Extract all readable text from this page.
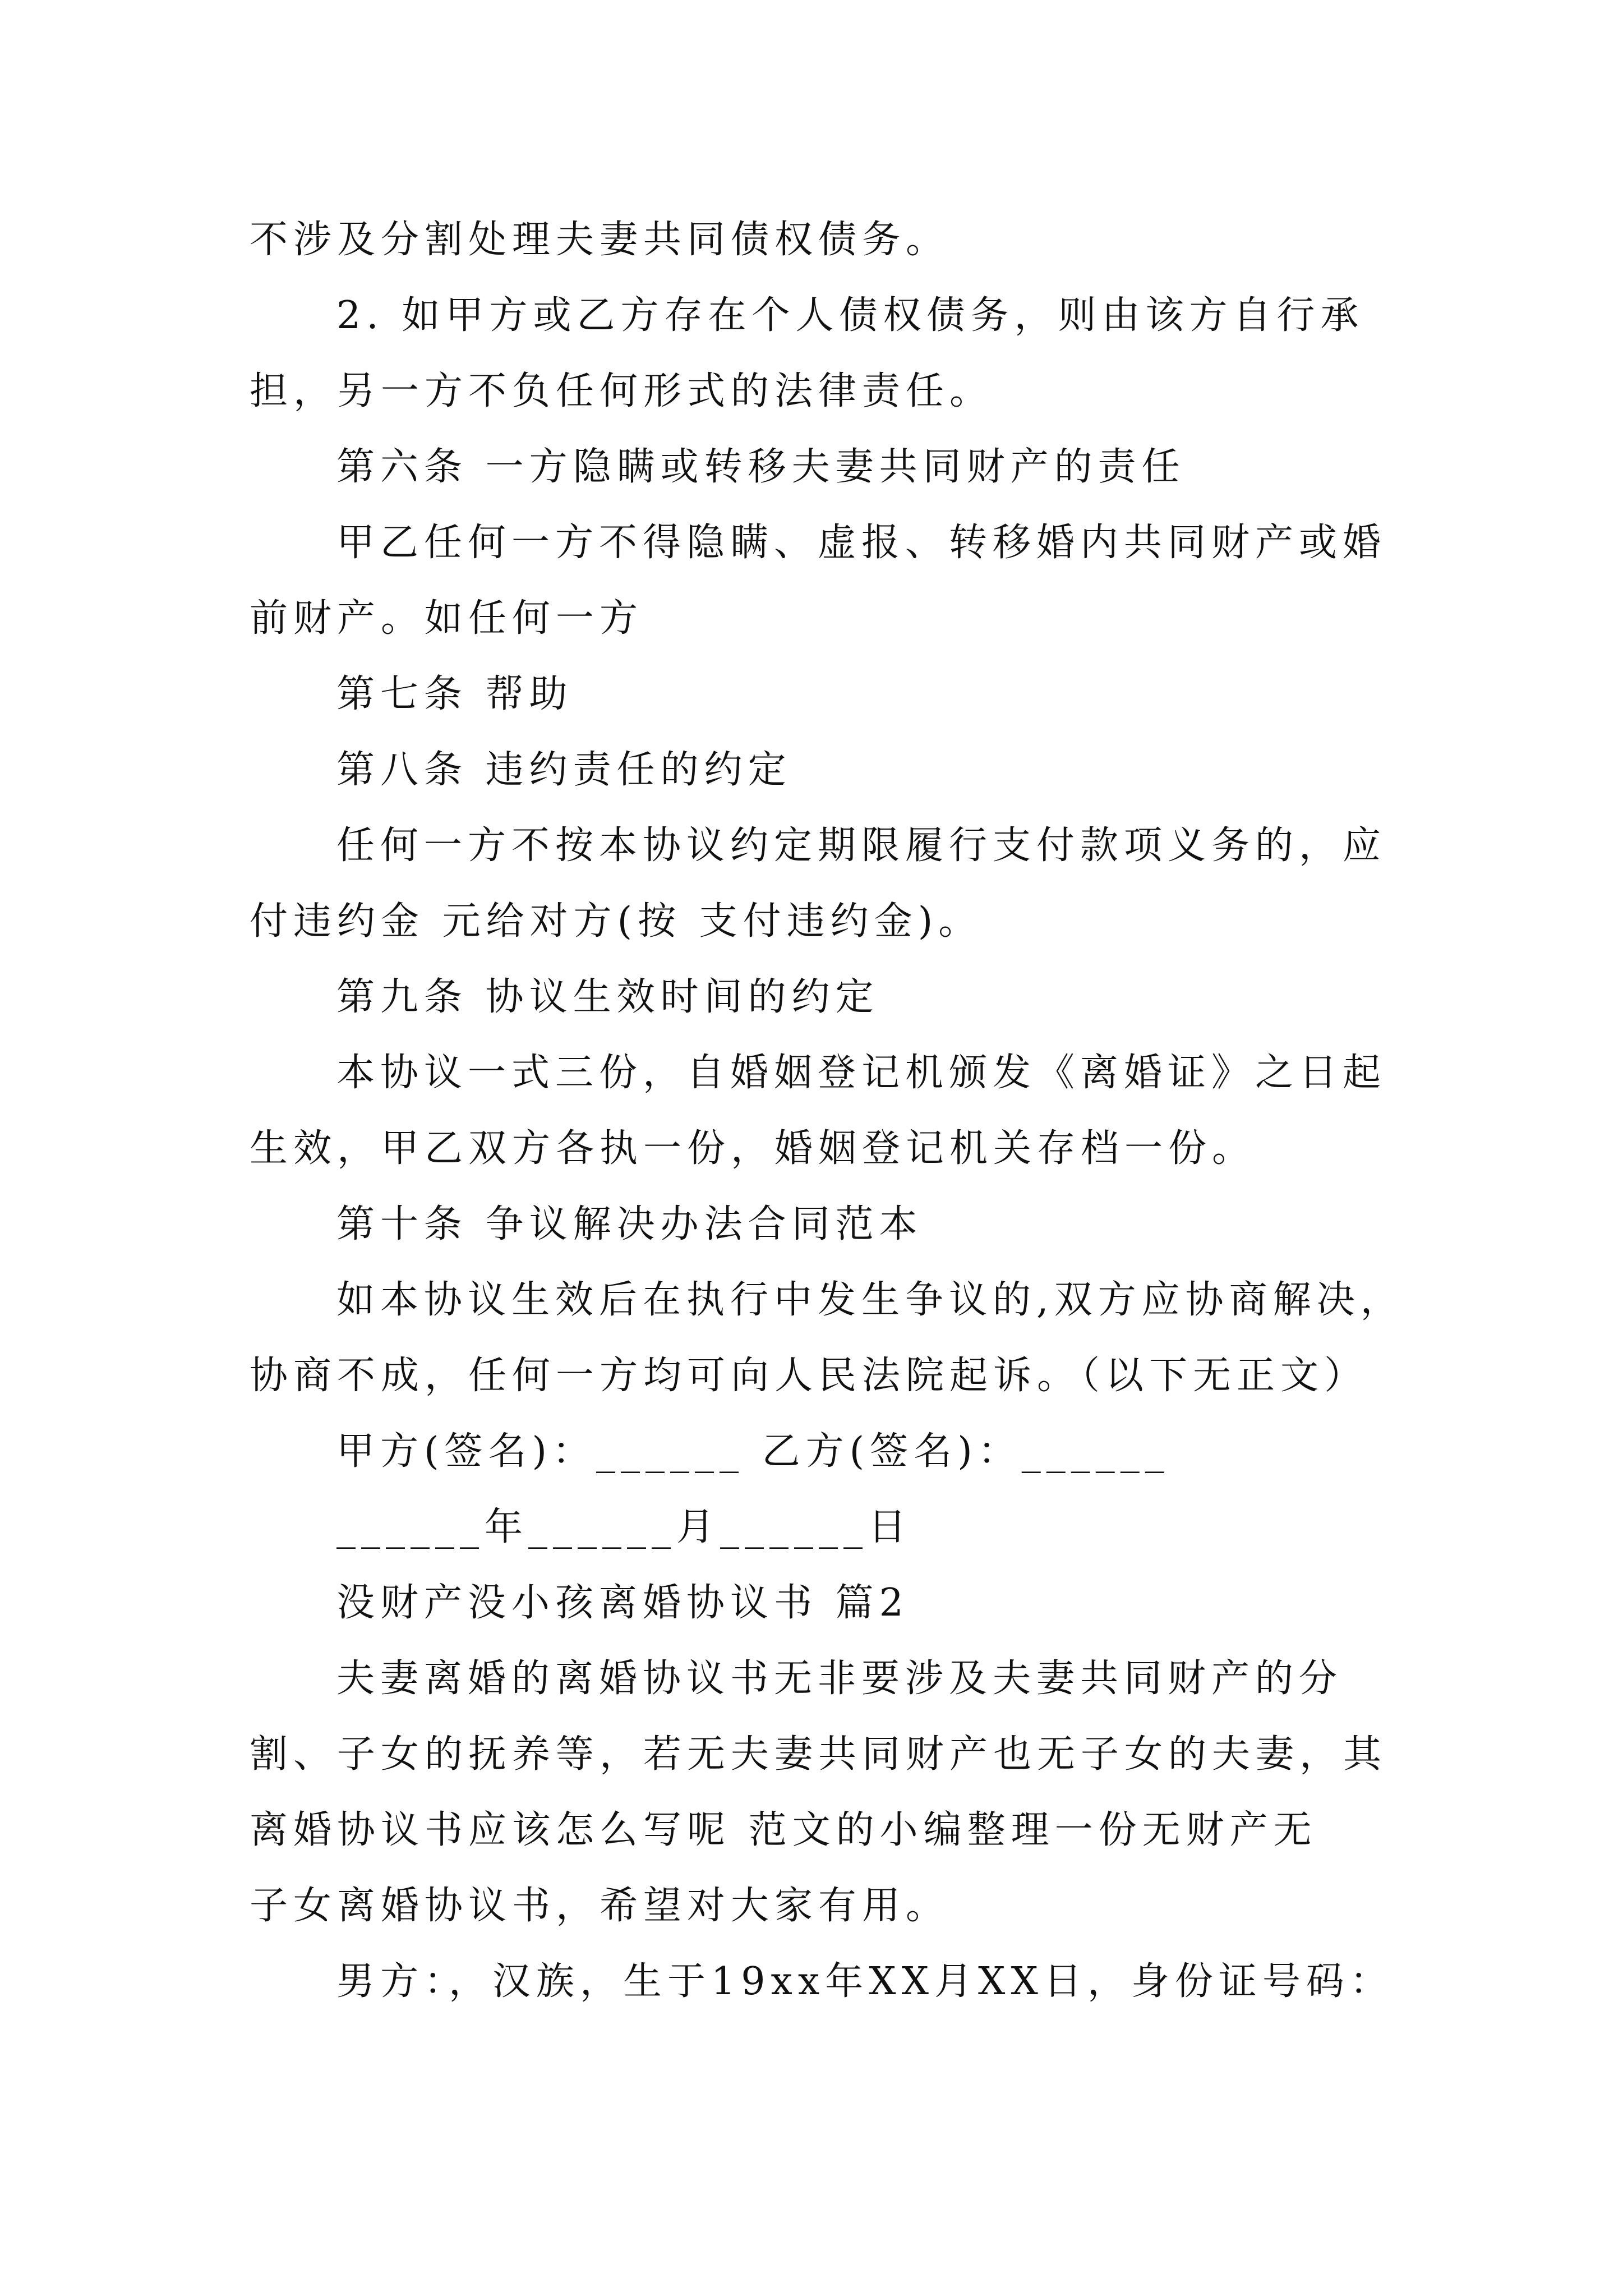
不涉及分割处理夫妻共同债权债务。
2. 如甲方或乙方存在个人债权债务，则由该方自行承
担，另一方不负任何形式的法律责任。
第六条 一方隐瞒或转移夫妻共同财产的责任
甲乙任何一方不得隐瞒、虚报、转移婚内共同财产或婚
前财产。如任何一方
第七条 帮助
第八条 违约责任的约定
任何一方不按本协议约定期限履行支付款项义务的，应
付违约金 元给对方(按 支付违约金)。
第九条 协议生效时间的约定
本协议一式三份，自婚姻登记机颁发《离婚证》之日起
生效，甲乙双方各执一份，婚姻登记机关存档一份。
第十条 争议解决办法合同范本
如本协议生效后在执行中发生争议的,双方应协商解决，
协商不成，任何一方均可向人民法院起诉。（以下无正文）
甲方(签名)：______ 乙方(签名)：______
______年______月______日
没财产没小孩离婚协议书 篇2
夫妻离婚的离婚协议书无非要涉及夫妻共同财产的分
割、子女的抚养等，若无夫妻共同财产也无子女的夫妻，其
离婚协议书应该怎么写呢 范文的小编整理一份无财产无
子女离婚协议书，希望对大家有用。
男方：，汉族，生于19xx年XX月XX日，身份证号码：
